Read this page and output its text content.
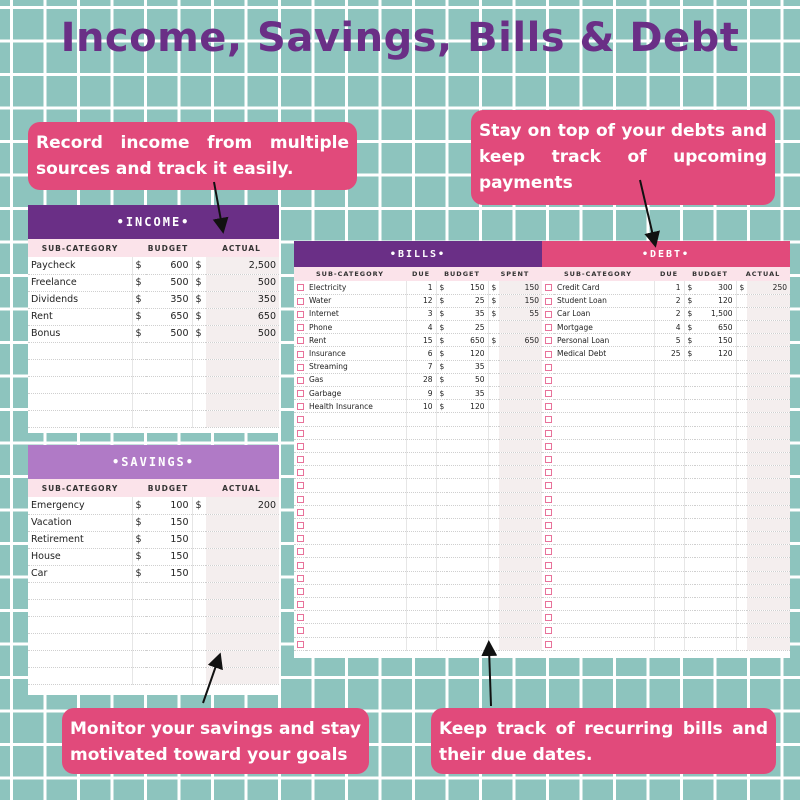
Income, Savings, Bills & Debt
Record income from multiple sources and track it easily.
Stay on top of your debts and keep track of upcoming payments
Monitor your savings and stay motivated toward your goals
Keep track of recurring bills and their due dates.
•INCOME•
SUB-CATEGORY	BUDGET	ACTUAL
Paycheck	$	600	$	2,500
Freelance	$	500	$	500
Dividends	$	350	$	350
Rent	$	650	$	650
Bonus	$	500	$	500

•SAVINGS•
SUB-CATEGORY	BUDGET	ACTUAL
Emergency	$	100	$	200
Vacation	$	150		
Retirement	$	150		
House	$	150		
Car	$	150		

•BILLS•
SUB-CATEGORY	DUE	BUDGET	SPENT
	Electricity	1	$	150	$	150
	Water	12	$	25	$	150
	Internet	3	$	35	$	55
	Phone	4	$	25		
	Rent	15	$	650	$	650
	Insurance	6	$	120		
	Streaming	7	$	35		
	Gas	28	$	50		
	Garbage	9	$	35		
	Health Insurance	10	$	120		

•DEBT•
SUB-CATEGORY	DUE	BUDGET	ACTUAL
	Credit Card	1	$	300	$	250
	Student Loan	2	$	120		
	Car Loan	2	$	1,500		
	Mortgage	4	$	650		
	Personal Loan	5	$	150		
	Medical Debt	25	$	120		
